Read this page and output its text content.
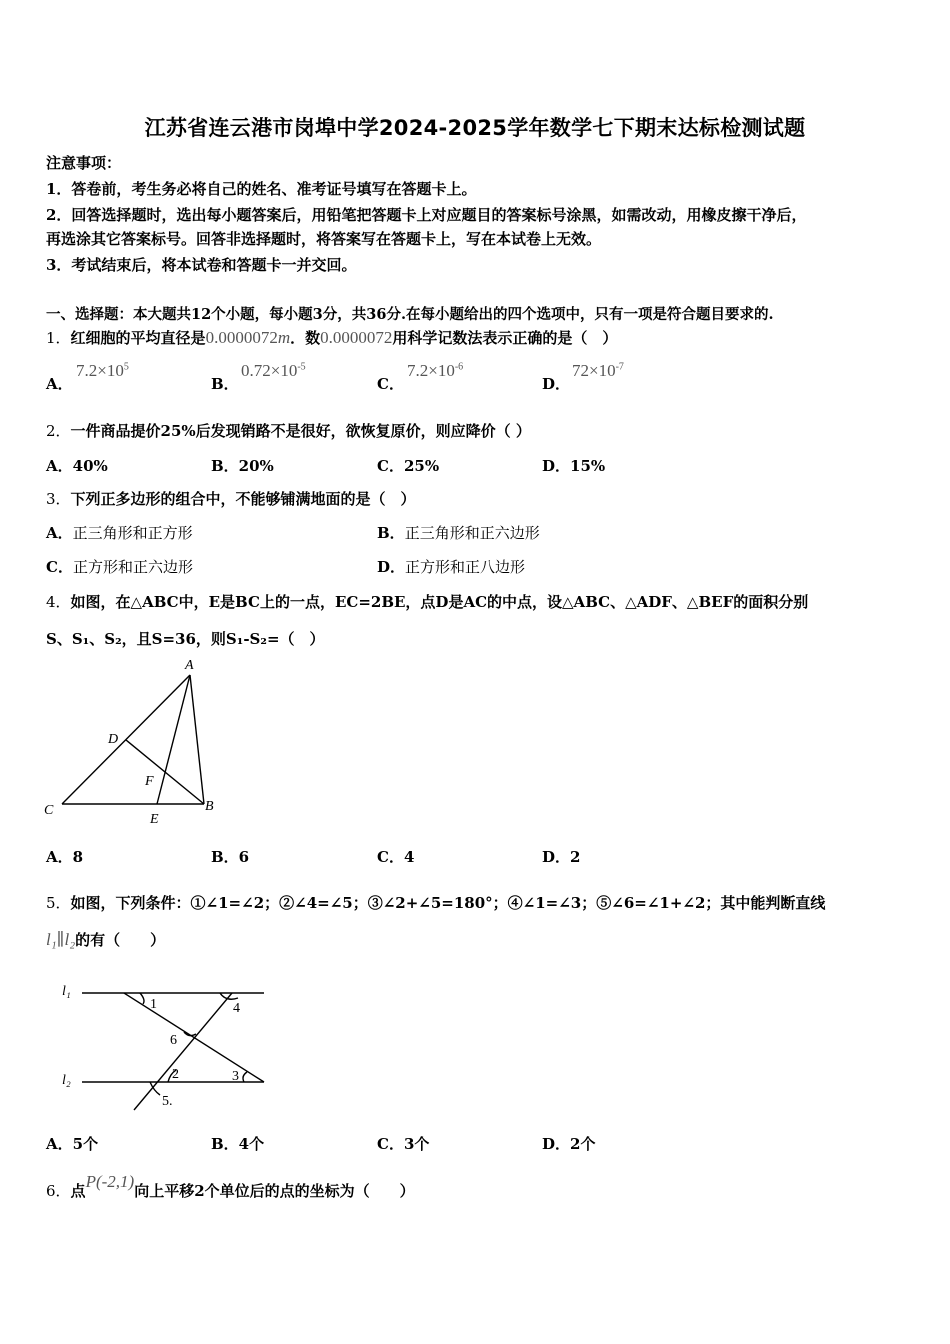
江苏省连云港市岗埠中学2024-2025学年数学七下期末达标检测试题
注意事项：
1．答卷前，考生务必将自己的姓名、准考证号填写在答题卡上。
2．回答选择题时，选出每小题答案后，用铅笔把答题卡上对应题目的答案标号涂黑，如需改动，用橡皮擦干净后，
再选涂其它答案标号。回答非选择题时，将答案写在答题卡上，写在本试卷上无效。
3．考试结束后，将本试卷和答题卡一并交回。
一、选择题：本大题共12个小题，每小题3分，共36分.在每小题给出的四个选项中，只有一项是符合题目要求的.
1．红细胞的平均直径是0.0000072m．数0.0000072用科学记数法表示正确的是（　）
A．
$7.2\times 10^5$
B．
$0.72\times 10^{-5}$
C．
$7.2\times 10^{-6}$
D．
$72\times 10^{-7}$
2．一件商品提价25%后发现销路不是很好，欲恢复原价，则应降价（ ）
A．40%	B．20%	C．25%	D．15%
3．下列正多边形的组合中，不能够铺满地面的是（　）
A．正三角形和正方形	B．正三角形和正六边形
C．正方形和正六边形	D．正方形和正八边形
4．如图，在△ABC中，E是BC上的一点，EC=2BE，点D是AC的中点，设△ABC、△ADF、△BEF的面积分别
S、S₁、S₂，且S=36，则S₁-S₂=（　）
A
B
C
D
E
F
A．8	B．6	C．4	D．2
5．如图，下列条件：①∠1=∠2；②∠4=∠5；③∠2+∠5=180°；④∠1=∠3；⑤∠6=∠1+∠2；其中能判断直线
l₁∥l₂的有（　　）
l₁
l₂
1
2	3
4
5.
6
A．5个	B．4个	C．3个	D．2个
6．点P(-2,1)向上平移2个单位后的点的坐标为（　　）
